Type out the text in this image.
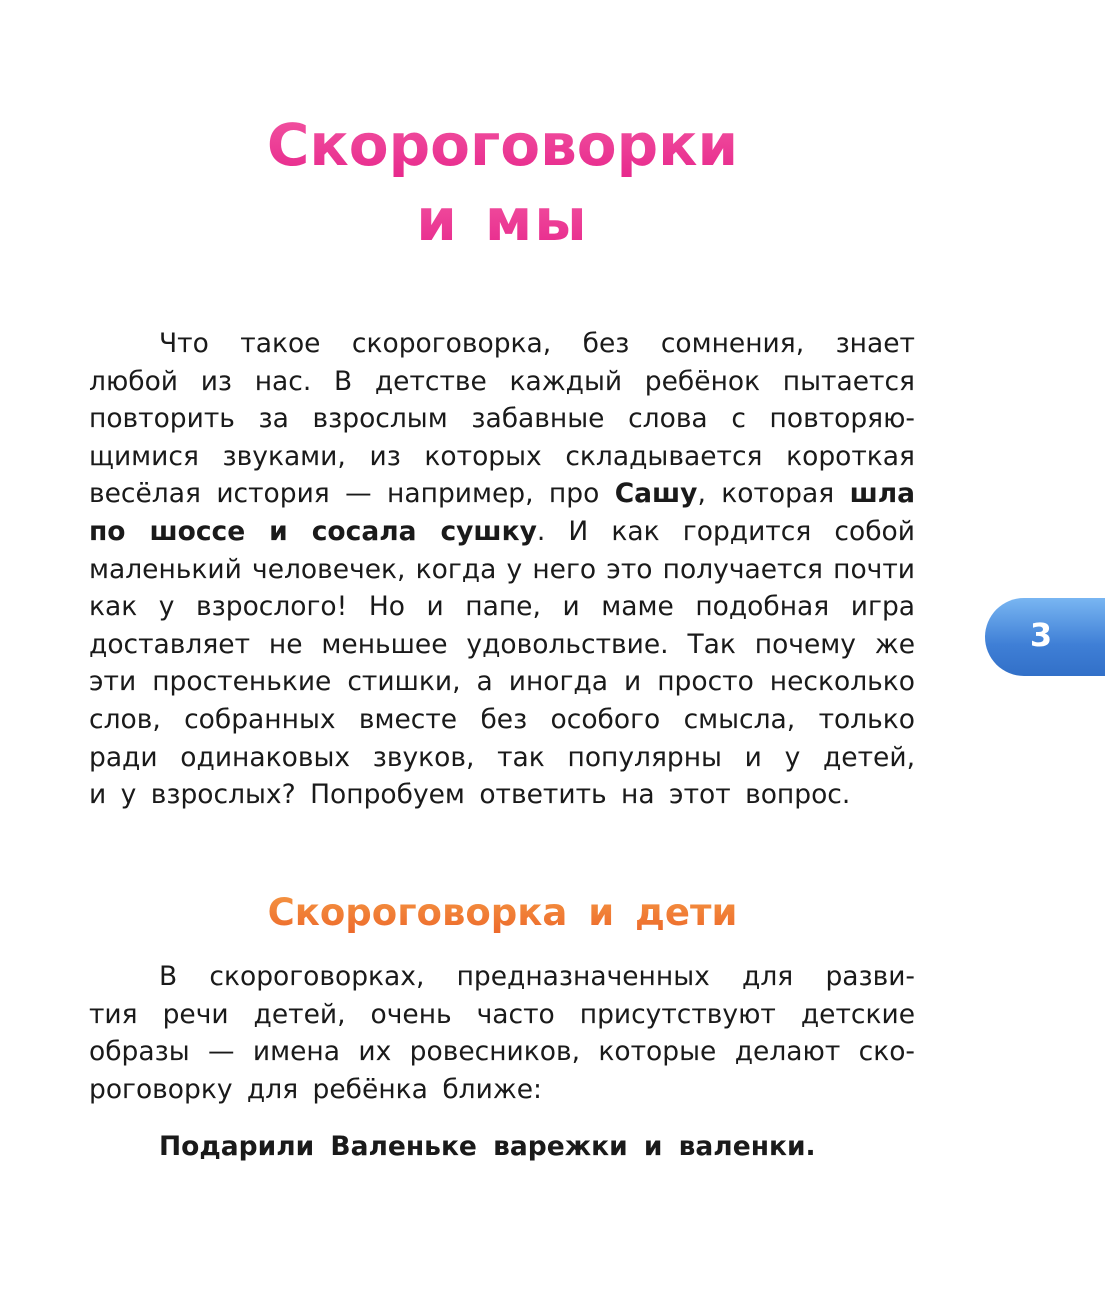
Скороговорки
и мы
Что такое скороговорка, без сомнения, знает
любой из нас. В детстве каждый ребёнок пытается
повторить за взрослым забавные слова с повторяю-
щимися звуками, из которых складывается короткая
весёлая история — например, про Сашу, которая шла
по шоссе и сосала сушку. И как гордится собой
маленький человечек, когда у него это получается почти
как у взрослого! Но и папе, и маме подобная игра
доставляет не меньшее удовольствие. Так почему же
эти простенькие стишки, а иногда и просто несколько
слов, собранных вместе без особого смысла, только
ради одинаковых звуков, так популярны и у детей,
и у взрослых? Попробуем ответить на этот вопрос.
Скороговорка и дети
В скороговорках, предназначенных для разви-
тия речи детей, очень часто присутствуют детские
образы — имена их ровесников, которые делают ско-
роговорку для ребёнка ближе:
Подарили Валеньке варежки и валенки.
3
